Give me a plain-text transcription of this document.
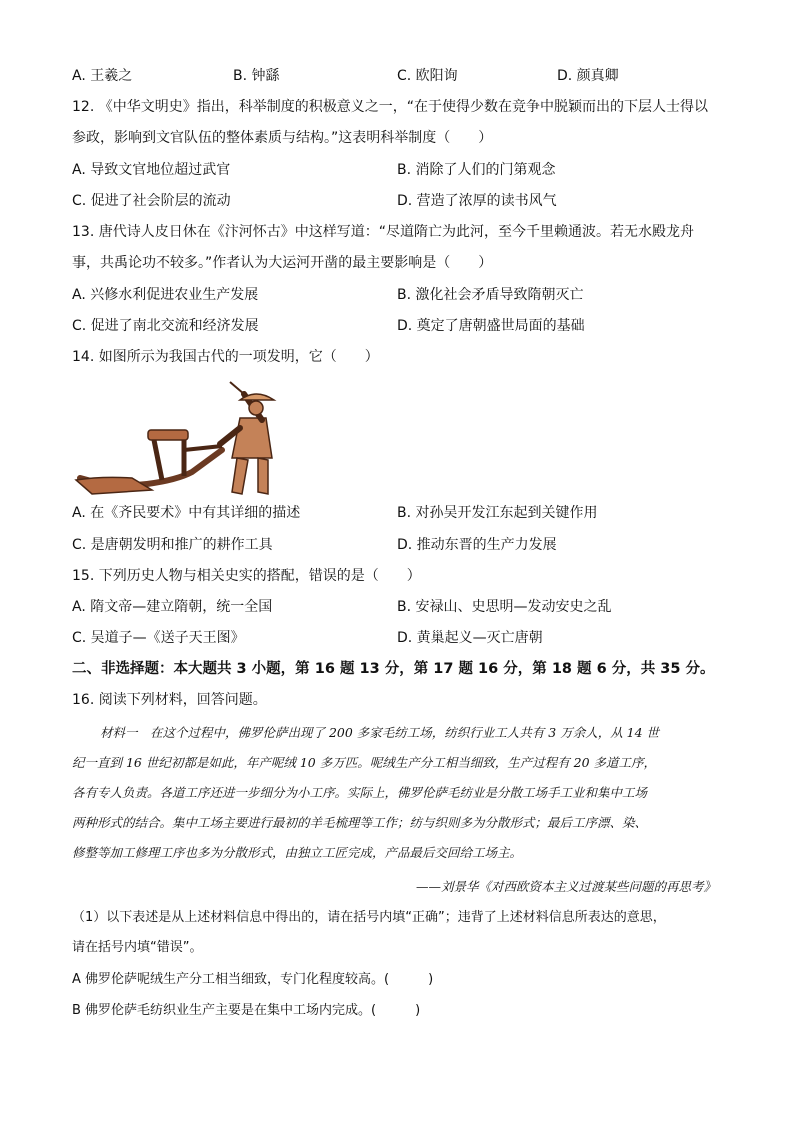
A. 王羲之	B. 钟繇	C. 欧阳询	D. 颜真卿
12. 《中华文明史》指出，科举制度的积极意义之一，“在于使得少数在竞争中脱颖而出的下层人士得以
参政，影响到文官队伍的整体素质与结构。”这表明科举制度（　　）
A. 导致文官地位超过武官	B. 消除了人们的门第观念
C. 促进了社会阶层的流动	D. 营造了浓厚的读书风气
13. 唐代诗人皮日休在《汴河怀古》中这样写道：“尽道隋亡为此河，至今千里赖通波。若无水殿龙舟
事，共禹论功不较多。”作者认为大运河开凿的最主要影响是（　　）
A. 兴修水利促进农业生产发展	B. 激化社会矛盾导致隋朝灭亡
C. 促进了南北交流和经济发展	D. 奠定了唐朝盛世局面的基础
14. 如图所示为我国古代的一项发明，它（　　）
A. 在《齐民要术》中有其详细的描述	B. 对孙吴开发江东起到关键作用
C. 是唐朝发明和推广的耕作工具	D. 推动东晋的生产力发展
15. 下列历史人物与相关史实的搭配，错误的是（　　）
A. 隋文帝—建立隋朝，统一全国	B. 安禄山、史思明—发动安史之乱
C. 吴道子—《送子天王图》	D. 黄巢起义—灭亡唐朝
二、非选择题：本大题共 3 小题，第 16 题 13 分，第 17 题 16 分，第 18 题 6 分，共 35 分。
16. 阅读下列材料，回答问题。
材料一　在这个过程中，佛罗伦萨出现了 200 多家毛纺工场，纺织行业工人共有 3 万余人，从 14 世
纪一直到 16 世纪初都是如此，年产呢绒 10 多万匹。呢绒生产分工相当细致，生产过程有 20 多道工序，
各有专人负责。各道工序还进一步细分为小工序。实际上，佛罗伦萨毛纺业是分散工场手工业和集中工场
两种形式的结合。集中工场主要进行最初的羊毛梳理等工作；纺与织则多为分散形式；最后工序漂、染、
修整等加工修理工序也多为分散形式，由独立工匠完成，产品最后交回给工场主。
——刘景华《对西欧资本主义过渡某些问题的再思考》
（1）以下表述是从上述材料信息中得出的，请在括号内填“正确”；违背了上述材料信息所表达的意思，
请在括号内填“错误”。
A 佛罗伦萨呢绒生产分工相当细致，专门化程度较高。(　　　)
B 佛罗伦萨毛纺织业生产主要是在集中工场内完成。(　　　)
